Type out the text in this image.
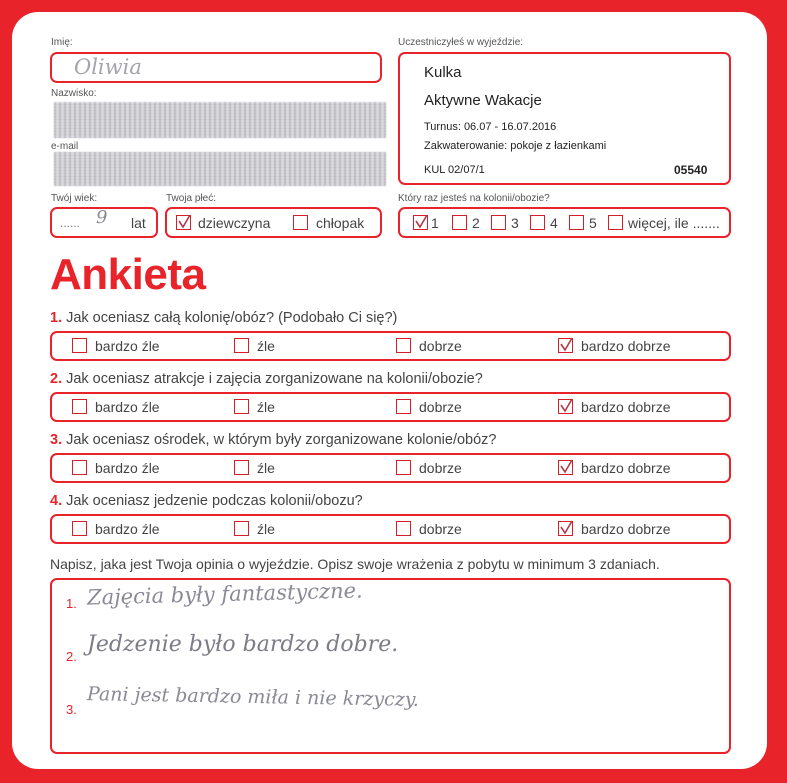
Imię:
Oliwia
Nazwisko:
e-mail
Twój wiek:
...... 9 lat
Twoja płeć:
dziewczyna	chłopak
Uczestniczyłeś w wyjeździe:
Kulka
Aktywne Wakacje
Turnus: 06.07 - 16.07.2016
Zakwaterowanie: pokoje z łazienkami
KUL 02/07/1	05540
Który raz jesteś na kolonii/obozie?
1 2 3 4 5 więcej, ile .......
Ankieta
1. Jak oceniasz całą kolonię/obóz? (Podobało Ci się?)
bardzo źle	źle	dobrze	bardzo dobrze
2. Jak oceniasz atrakcje i zajęcia zorganizowane na kolonii/obozie?
bardzo źle	źle	dobrze	bardzo dobrze
3. Jak oceniasz ośrodek, w którym były zorganizowane kolonie/obóz?
bardzo źle	źle	dobrze	bardzo dobrze
4. Jak oceniasz jedzenie podczas kolonii/obozu?
bardzo źle	źle	dobrze	bardzo dobrze
Napisz, jaka jest Twoja opinia o wyjeździe. Opisz swoje wrażenia z pobytu w minimum 3 zdaniach.
1. Zajęcia były fantastyczne.
2. Jedzenie było bardzo dobre.
3. Pani jest bardzo miła i nie krzyczy.
